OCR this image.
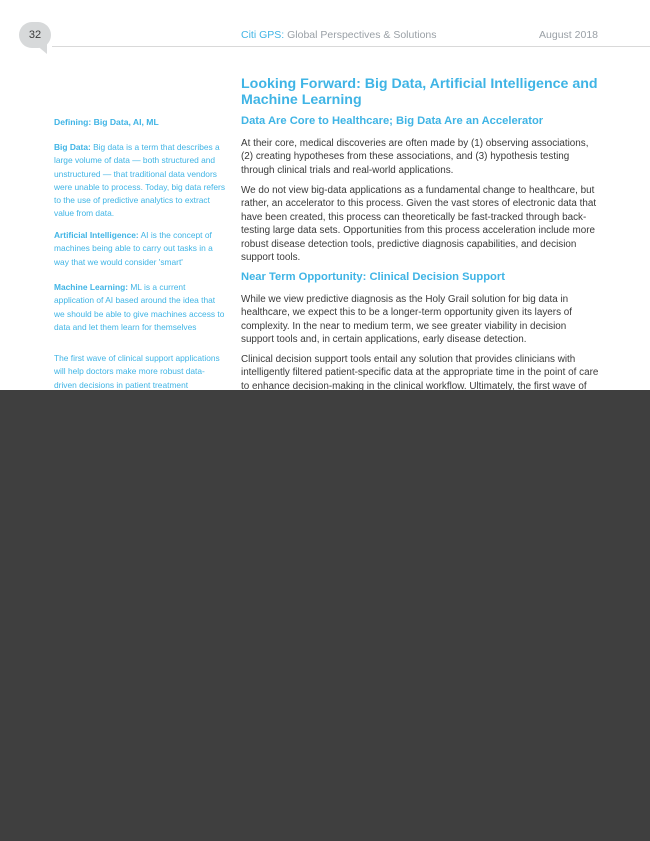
32	Citi GPS: Global Perspectives & Solutions	August 2018
Looking Forward: Big Data, Artificial Intelligence and Machine Learning
Data Are Core to Healthcare; Big Data Are an Accelerator
At their core, medical discoveries are often made by (1) observing associations, (2) creating hypotheses from these associations, and (3) hypothesis testing through clinical trials and real-world applications.
We do not view big-data applications as a fundamental change to healthcare, but rather, an accelerator to this process. Given the vast stores of electronic data that have been created, this process can theoretically be fast-tracked through back-testing large data sets. Opportunities from this process acceleration include more robust disease detection tools, predictive diagnosis capabilities, and decision support tools.
Near Term Opportunity: Clinical Decision Support
While we view predictive diagnosis as the Holy Grail solution for big data in healthcare, we expect this to be a longer-term opportunity given its layers of complexity. In the near to medium term, we see greater viability in decision support tools and, in certain applications, early disease detection.
Clinical decision support tools entail any solution that provides clinicians with intelligently filtered patient-specific data at the appropriate time in the point of care to enhance decision-making in the clinical workflow. Ultimately, the first wave of
Defining: Big Data, AI, ML
Big Data: Big data is a term that describes a large volume of data — both structured and unstructured — that traditional data vendors were unable to process. Today, big data refers to the use of predictive analytics to extract value from data.
Artificial Intelligence: AI is the concept of machines being able to carry out tasks in a way that we would consider 'smart'
Machine Learning: ML is a current application of AI based around the idea that we should be able to give machines access to data and let them learn for themselves
The first wave of clinical support applications will help doctors make more robust data-driven decisions in patient treatment
